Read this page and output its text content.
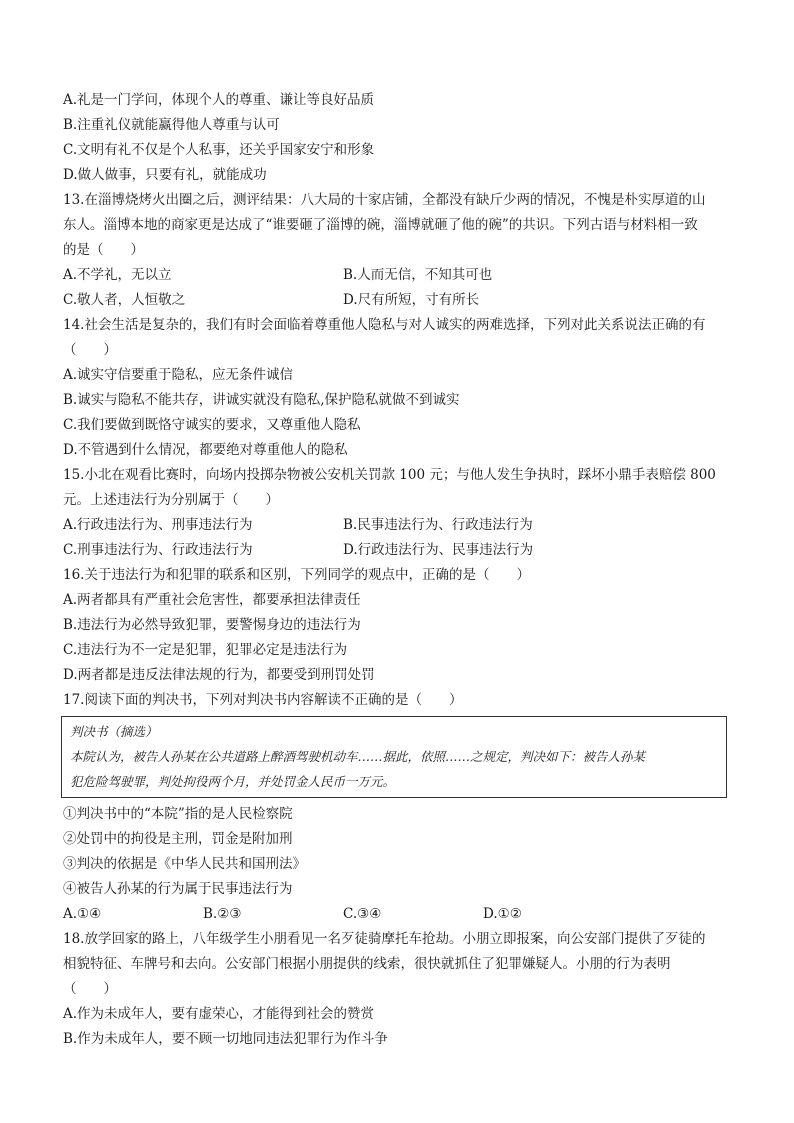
A.礼是一门学问，体现个人的尊重、谦让等良好品质
B.注重礼仪就能赢得他人尊重与认可
C.文明有礼不仅是个人私事，还关乎国家安宁和形象
D.做人做事，只要有礼，就能成功
13.在淄博烧烤火出圈之后，测评结果：八大局的十家店铺，全都没有缺斤少两的情况，不愧是朴实厚道的山
东人。淄博本地的商家更是达成了“谁要砸了淄博的碗，淄博就砸了他的碗”的共识。下列古语与材料相一致
的是（　　）
A.不学礼，无以立	B.人而无信，不知其可也
C.敬人者，人恒敬之	D.尺有所短，寸有所长
14.社会生活是复杂的，我们有时会面临着尊重他人隐私与对人诚实的两难选择，下列对此关系说法正确的有
（　　）
A.诚实守信要重于隐私，应无条件诚信
B.诚实与隐私不能共存，讲诚实就没有隐私,保护隐私就做不到诚实
C.我们要做到既恪守诚实的要求，又尊重他人隐私
D.不管遇到什么情况，都要绝对尊重他人的隐私
15.小北在观看比赛时，向场内投掷杂物被公安机关罚款 100 元；与他人发生争执时，踩坏小鼎手表赔偿 800
元。上述违法行为分别属于（　　）
A.行政违法行为、刑事违法行为	B.民事违法行为、行政违法行为
C.刑事违法行为、行政违法行为	D.行政违法行为、民事违法行为
16.关于违法行为和犯罪的联系和区别，下列同学的观点中，正确的是（　　）
A.两者都具有严重社会危害性，都要承担法律责任
B.违法行为必然导致犯罪，要警惕身边的违法行为
C.违法行为不一定是犯罪，犯罪必定是违法行为
D.两者都是违反法律法规的行为，都要受到刑罚处罚
17.阅读下面的判决书，下列对判决书内容解读不正确的是（　　）
判决书（摘选）
本院认为，被告人孙某在公共道路上醉酒驾驶机动车……据此，依照……之规定，判决如下：被告人孙某
犯危险驾驶罪，判处拘役两个月，并处罚金人民币一万元。
①判决书中的“本院”指的是人民检察院
②处罚中的拘役是主刑，罚金是附加刑
③判决的依据是《中华人民共和国刑法》
④被告人孙某的行为属于民事违法行为
A.①④	B.②③	C.③④	D.①②
18.放学回家的路上，八年级学生小朋看见一名歹徒骑摩托车抢劫。小朋立即报案，向公安部门提供了歹徒的
相貌特征、车牌号和去向。公安部门根据小朋提供的线索，很快就抓住了犯罪嫌疑人。小朋的行为表明
（　　）
A.作为未成年人，要有虚荣心，才能得到社会的赞赏
B.作为未成年人，要不顾一切地同违法犯罪行为作斗争
